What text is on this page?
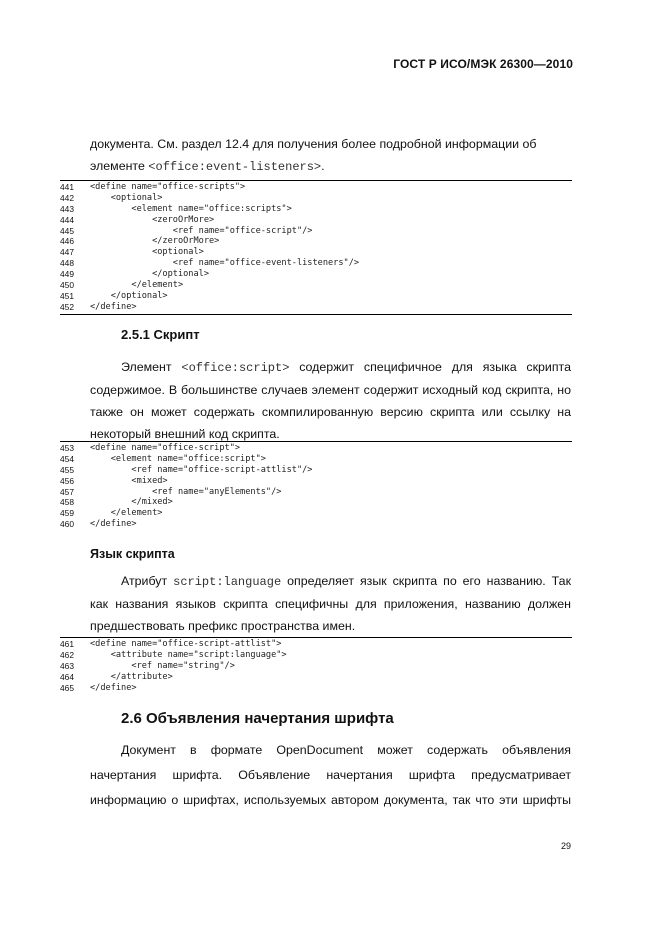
ГОСТ Р ИСО/МЭК 26300—2010
документа. См. раздел 12.4 для получения более подробной информации об
элементе <office:event-listeners>.
441	<define name="office-scripts">
442	<optional>
443	<element name="office:scripts">
444	<zeroOrMore>
445	<ref name="office-script"/>
446	</zeroOrMore>
447	<optional>
448	<ref name="office-event-listeners"/>
449	</optional>
450	</element>
451	</optional>
452	</define>
2.5.1 Скрипт
Элемент <office:script> содержит специфичное для языка скрипта содержимое. В большинстве случаев элемент содержит исходный код скрипта, но также он может содержать скомпилированную версию скрипта или ссылку на некоторый внешний код скрипта.
453	<define name="office-script">
454	<element name="office:script">
455	<ref name="office-script-attlist"/>
456	<mixed>
457	<ref name="anyElements"/>
458	</mixed>
459	</element>
460	</define>
Язык скрипта
Атрибут script:language определяет язык скрипта по его названию. Так как названия языков скрипта специфичны для приложения, названию должен предшествовать префикс пространства имен.
461	<define name="office-script-attlist">
462	<attribute name="script:language">
463	<ref name="string"/>
464	</attribute>
465	</define>
2.6 Объявления начертания шрифта
Документ в формате OpenDocument может содержать объявления начертания шрифта. Объявление начертания шрифта предусматривает информацию о шрифтах, используемых автором документа, так что эти шрифты
29
